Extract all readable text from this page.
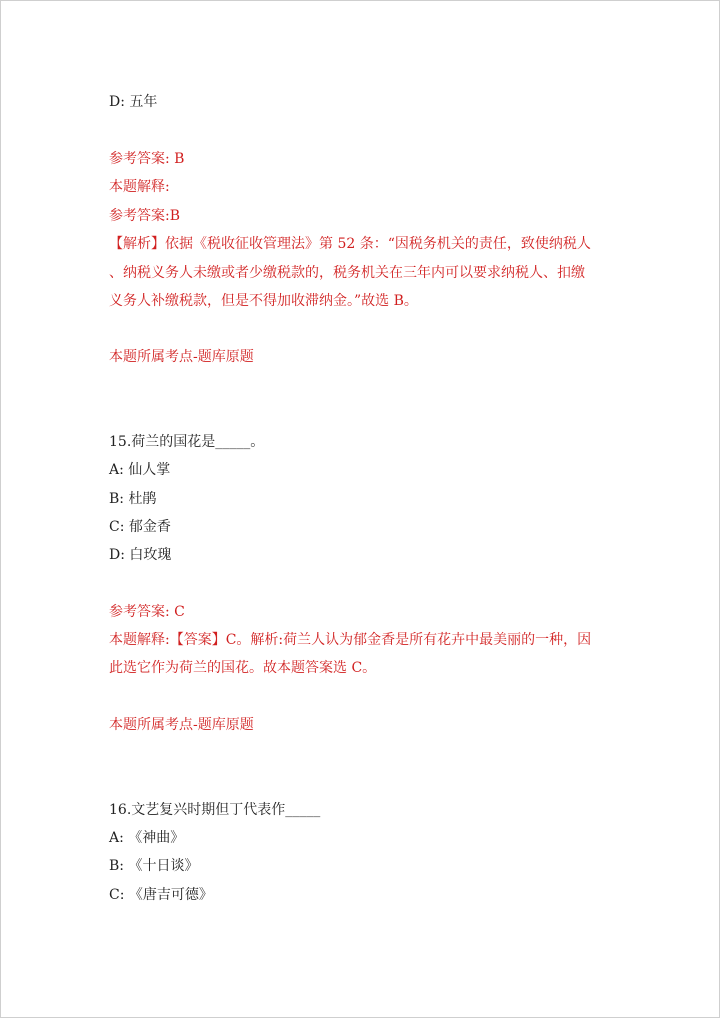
D: 五年
参考答案: B
本题解释:
参考答案:B
【解析】依据《税收征收管理法》第 52 条：“因税务机关的责任，致使纳税人
、纳税义务人未缴或者少缴税款的，税务机关在三年内可以要求纳税人、扣缴
义务人补缴税款，但是不得加收滞纳金。”故选 B。
本题所属考点-题库原题
15.荷兰的国花是_____。
A: 仙人掌
B: 杜鹃
C: 郁金香
D: 白玫瑰
参考答案: C
本题解释:【答案】C。解析:荷兰人认为郁金香是所有花卉中最美丽的一种，因
此选它作为荷兰的国花。故本题答案选 C。
本题所属考点-题库原题
16.文艺复兴时期但丁代表作_____
A: 《神曲》
B: 《十日谈》
C: 《唐吉可德》
